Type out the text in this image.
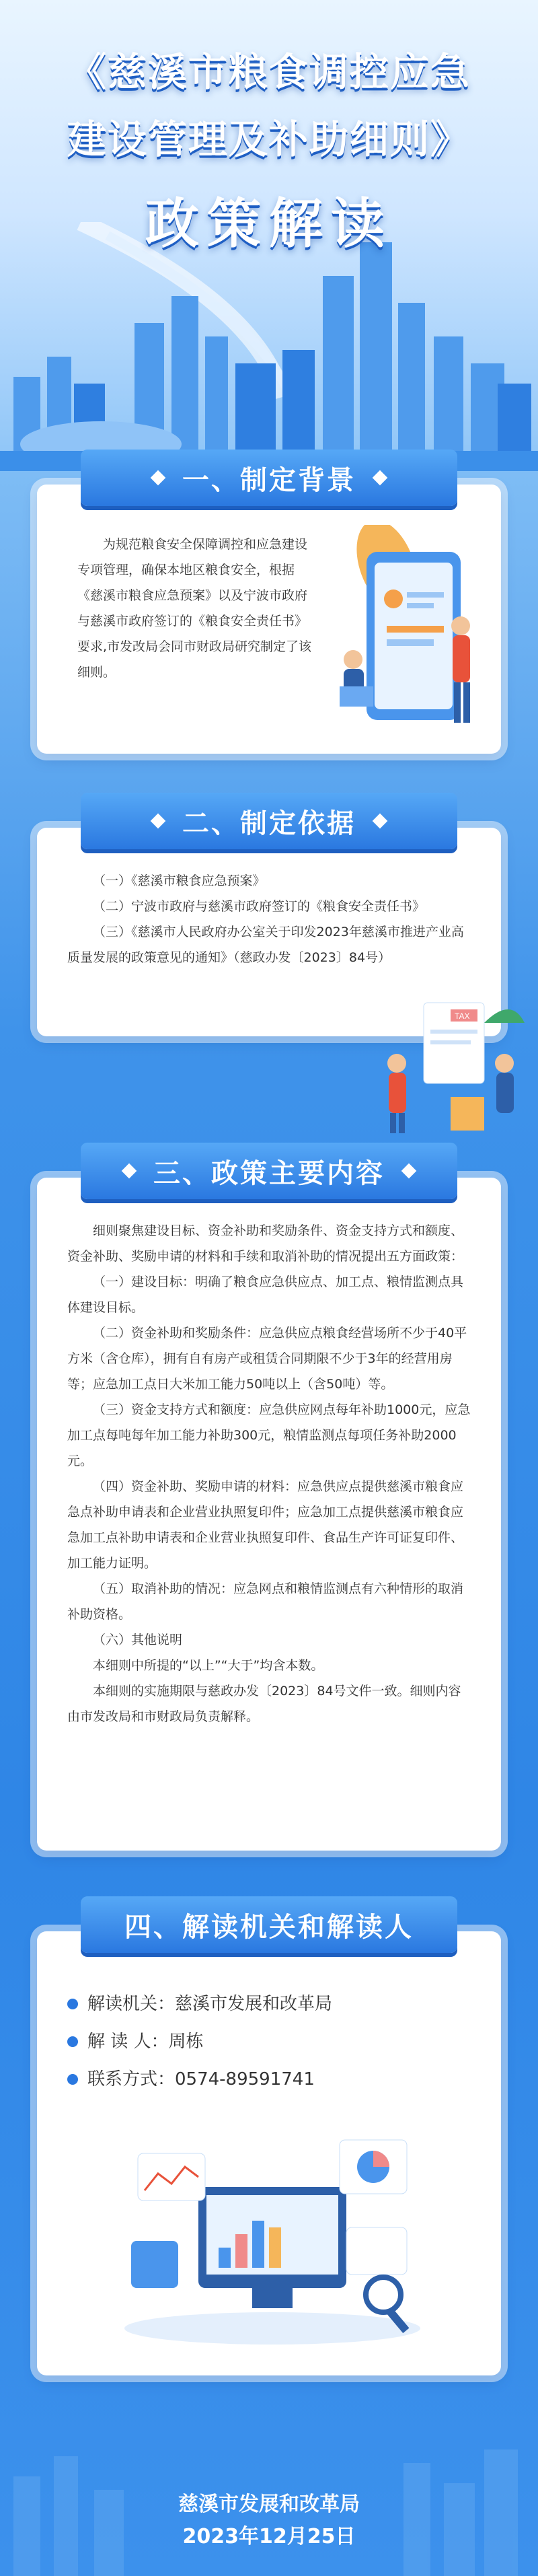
《慈溪市粮食调控应急
建设管理及补助细则》
政策解读
一、制定背景
为规范粮食安全保障调控和应急建设专项管理，确保本地区粮食安全，根据《慈溪市粮食应急预案》以及宁波市政府与慈溪市政府签订的《粮食安全责任书》要求,市发改局会同市财政局研究制定了该细则。
二、制定依据

（一）《慈溪市粮食应急预案》

（二）宁波市政府与慈溪市政府签订的《粮食安全责任书》

（三）《慈溪市人民政府办公室关于印发2023年慈溪市推进产业高质量发展的政策意见的通知》（慈政办发〔2023〕84号）

TAX
三、政策主要内容

细则聚焦建设目标、资金补助和奖励条件、资金支持方式和额度、资金补助、奖励申请的材料和手续和取消补助的情况提出五方面政策：

（一）建设目标：明确了粮食应急供应点、加工点、粮情监测点具体建设目标。

（二）资金补助和奖励条件：应急供应点粮食经营场所不少于40平方米（含仓库），拥有自有房产或租赁合同期限不少于3年的经营用房等；应急加工点日大米加工能力50吨以上（含50吨）等。

（三）资金支持方式和额度：应急供应网点每年补助1000元，应急加工点每吨每年加工能力补助300元，粮情监测点每项任务补助2000元。

（四）资金补助、奖励申请的材料：应急供应点提供慈溪市粮食应急点补助申请表和企业营业执照复印件；应急加工点提供慈溪市粮食应急加工点补助申请表和企业营业执照复印件、食品生产许可证复印件、加工能力证明。

（五）取消补助的情况：应急网点和粮情监测点有六种情形的取消补助资格。

（六）其他说明

本细则中所提的“以上”“大于”均含本数。

本细则的实施期限与慈政办发〔2023〕84号文件一致。细则内容由市发改局和市财政局负责解释。

四、解读机关和解读人
解读机关：慈溪市发展和改革局
解 读 人：周栋
联系方式：0574-89591741
慈溪市发展和改革局
2023年12月25日
